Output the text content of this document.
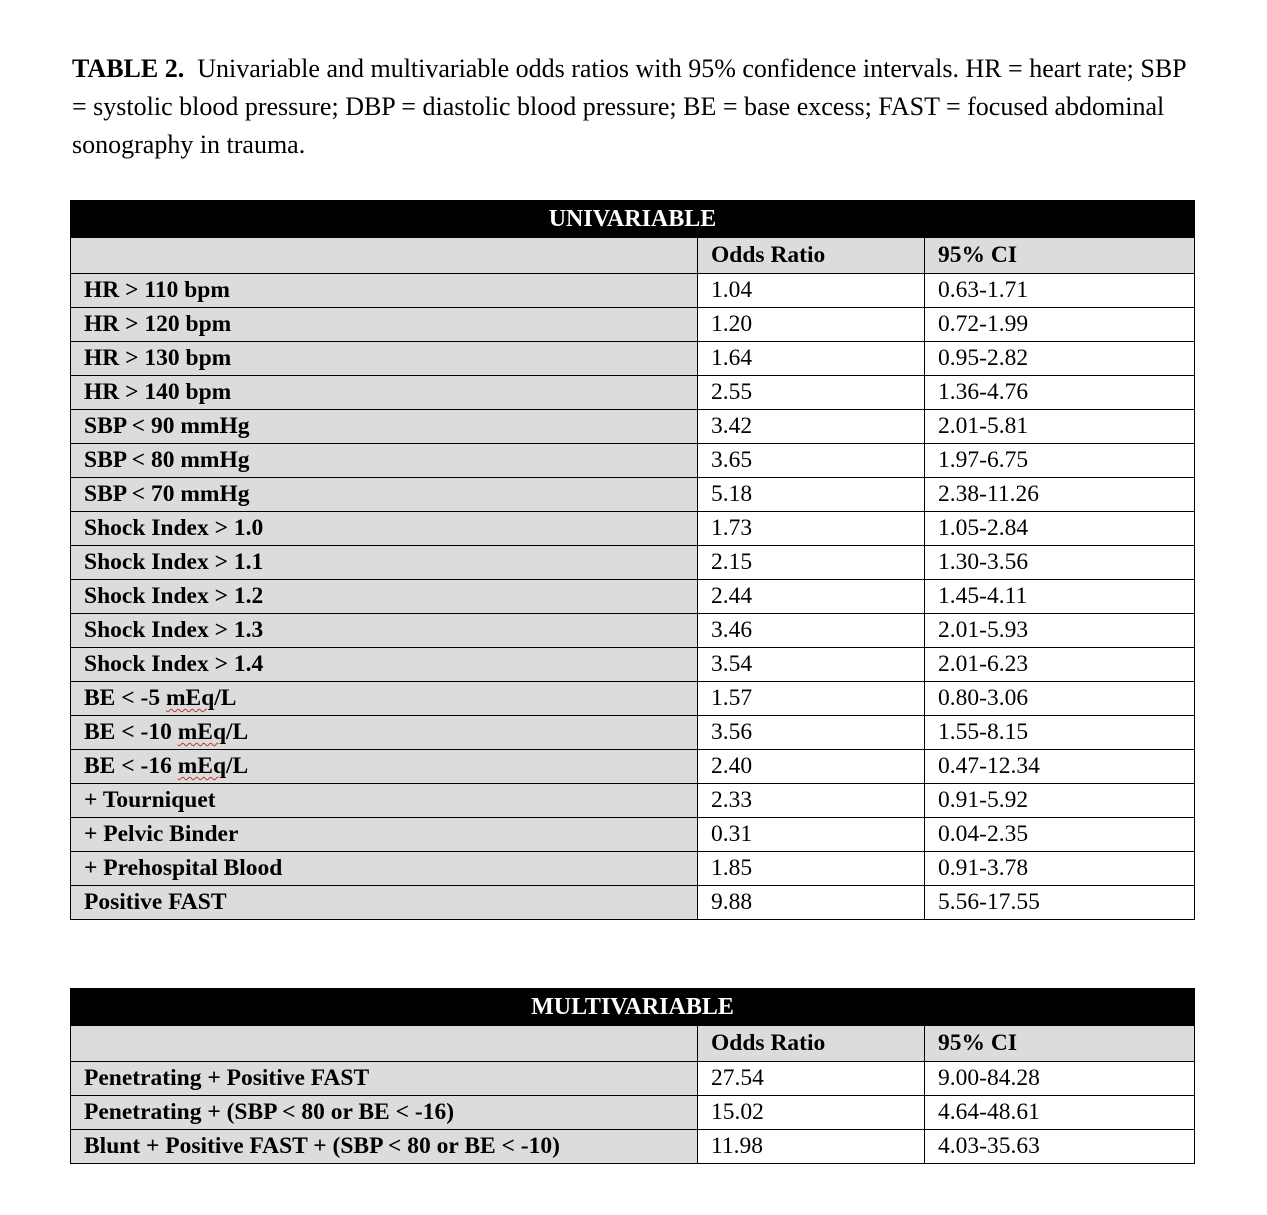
TABLE 2. Univariable and multivariable odds ratios with 95% confidence intervals. HR = heart rate; SBP = systolic blood pressure; DBP = diastolic blood pressure; BE = base excess; FAST = focused abdominal sonography in trauma.
UNIVARIABLE		
	Odds Ratio	95% CI
HR > 110 bpm	1.04	0.63-1.71
HR > 120 bpm	1.20	0.72-1.99
HR > 130 bpm	1.64	0.95-2.82
HR > 140 bpm	2.55	1.36-4.76
SBP < 90 mmHg	3.42	2.01-5.81
SBP < 80 mmHg	3.65	1.97-6.75
SBP < 70 mmHg	5.18	2.38-11.26
Shock Index > 1.0	1.73	1.05-2.84
Shock Index > 1.1	2.15	1.30-3.56
Shock Index > 1.2	2.44	1.45-4.11
Shock Index > 1.3	3.46	2.01-5.93
Shock Index > 1.4	3.54	2.01-6.23
BE < -5 mEq/L	1.57	0.80-3.06
BE < -10 mEq/L	3.56	1.55-8.15
BE < -16 mEq/L	2.40	0.47-12.34
+ Tourniquet	2.33	0.91-5.92
+ Pelvic Binder	0.31	0.04-2.35
+ Prehospital Blood	1.85	0.91-3.78
Positive FAST	9.88	5.56-17.55
MULTIVARIABLE		
	Odds Ratio	95% CI
Penetrating + Positive FAST	27.54	9.00-84.28
Penetrating + (SBP < 80 or BE < -16)	15.02	4.64-48.61
Blunt + Positive FAST + (SBP < 80 or BE < -10)	11.98	4.03-35.63
